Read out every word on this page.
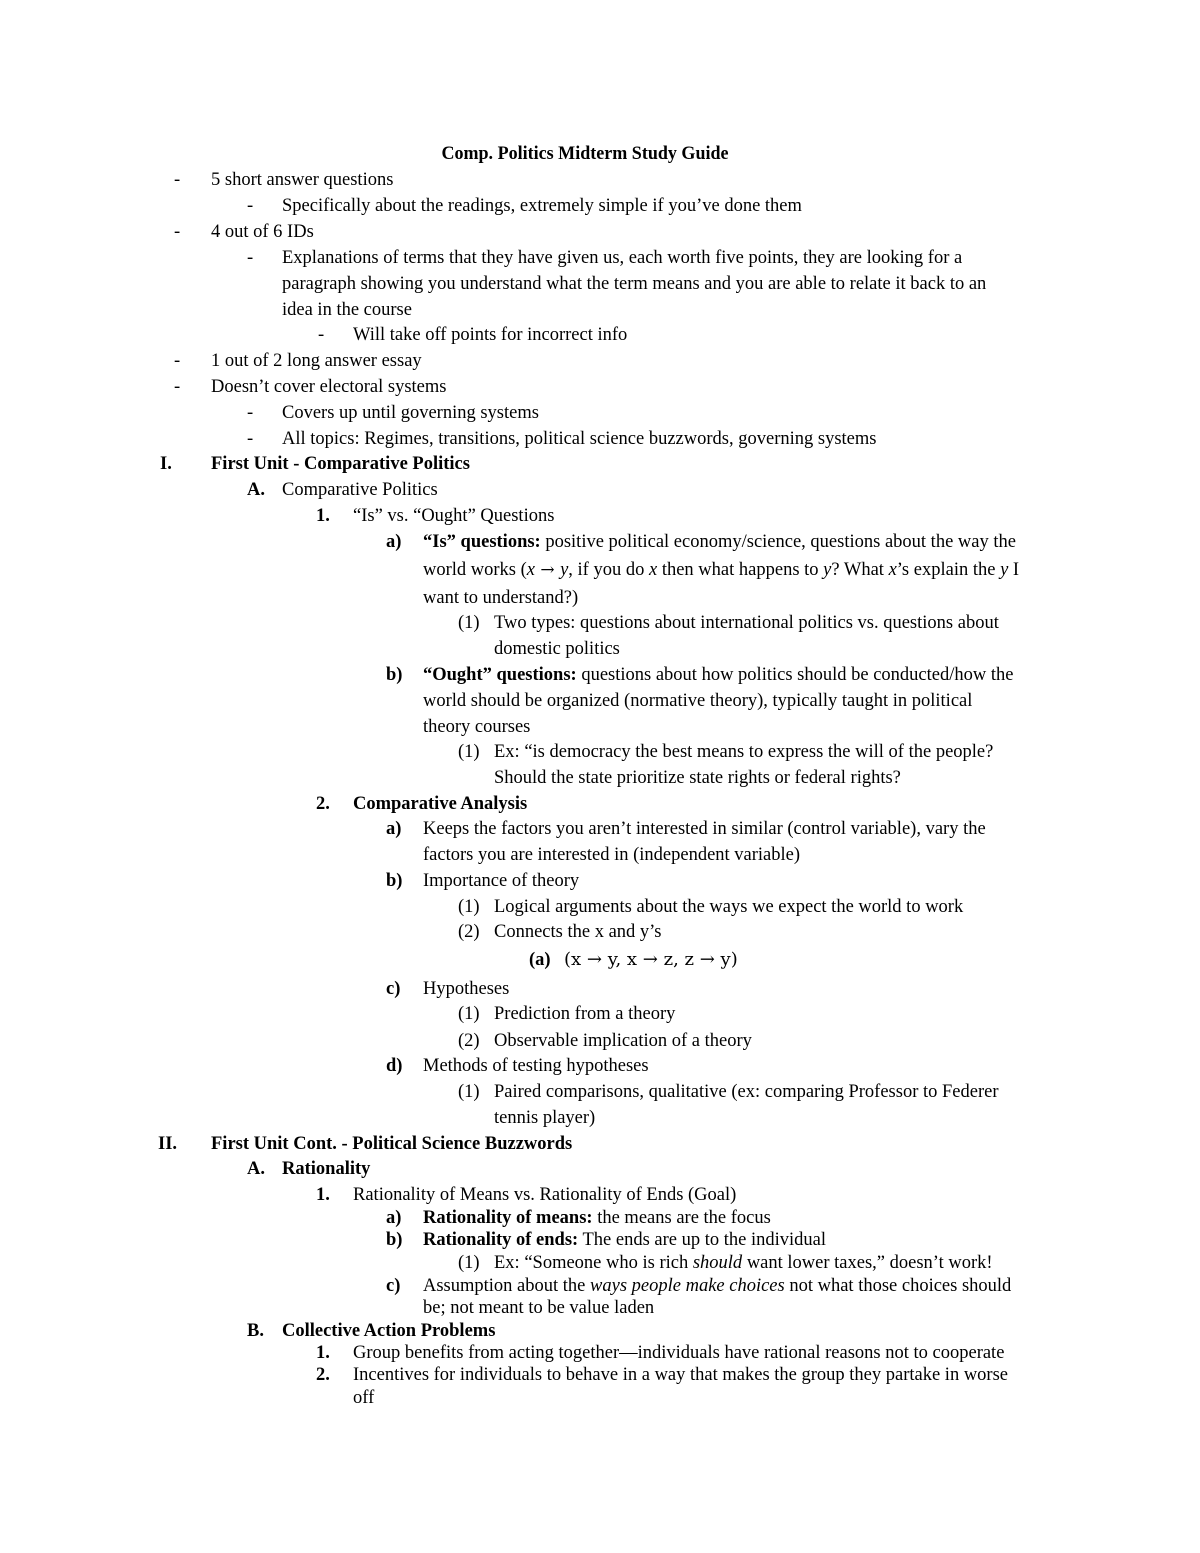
Comp. Politics Midterm Study Guide
- 5 short answer questions
- Specifically about the readings, extremely simple if you’ve done them
- 4 out of 6 IDs
- Explanations of terms that they have given us, each worth five points, they are looking for a
paragraph showing you understand what the term means and you are able to relate it back to an
idea in the course
- Will take off points for incorrect info
- 1 out of 2 long answer essay
- Doesn’t cover electoral systems
- Covers up until governing systems
- All topics: Regimes, transitions, political science buzzwords, governing systems
I. First Unit - Comparative Politics
A. Comparative Politics
1. “Is” vs. “Ought” Questions
a) “Is” questions: positive political economy/science, questions about the way the
world works (x → y, if you do x then what happens to y? What x’s explain the y I
want to understand?)
(1) Two types: questions about international politics vs. questions about
domestic politics
b) “Ought” questions: questions about how politics should be conducted/how the
world should be organized (normative theory), typically taught in political
theory courses
(1) Ex: “is democracy the best means to express the will of the people?
Should the state prioritize state rights or federal rights?
2. Comparative Analysis
a) Keeps the factors you aren’t interested in similar (control variable), vary the
factors you are interested in (independent variable)
b) Importance of theory
(1) Logical arguments about the ways we expect the world to work
(2) Connects the x and y’s
(a) (x → y, x → z, z → y)
c) Hypotheses
(1) Prediction from a theory
(2) Observable implication of a theory
d) Methods of testing hypotheses
(1) Paired comparisons, qualitative (ex: comparing Professor to Federer
tennis player)
II. First Unit Cont. - Political Science Buzzwords
A. Rationality
1. Rationality of Means vs. Rationality of Ends (Goal)
a) Rationality of means: the means are the focus
b) Rationality of ends: The ends are up to the individual
(1) Ex: “Someone who is rich should want lower taxes,” doesn’t work!
c) Assumption about the ways people make choices not what those choices should
be; not meant to be value laden
B. Collective Action Problems
1. Group benefits from acting together—individuals have rational reasons not to cooperate
2. Incentives for individuals to behave in a way that makes the group they partake in worse
off
